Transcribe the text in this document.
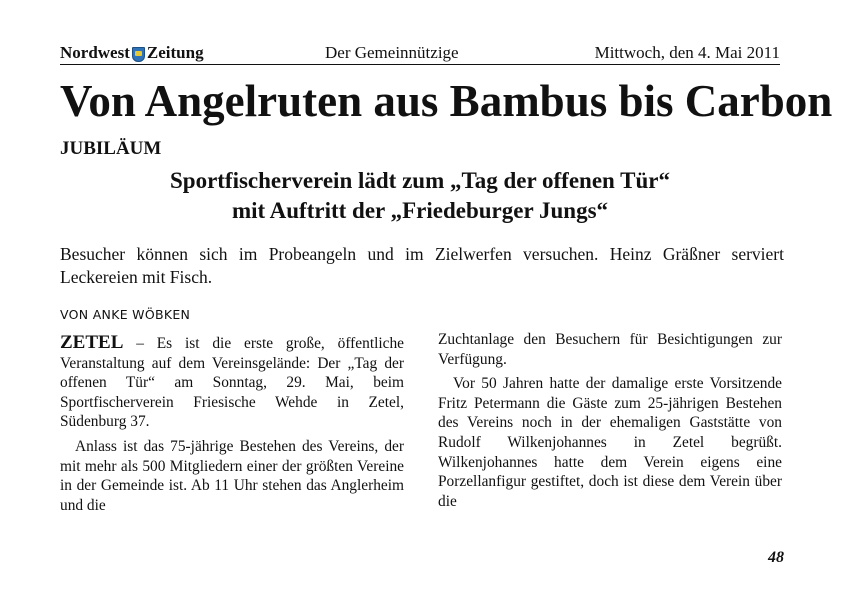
Nordwest Zeitung	Der Gemeinnützige	Mittwoch, den 4. Mai 2011
Von Angelruten aus Bambus bis Carbon
JUBILÄUM
Sportfischerverein lädt zum „Tag der offenen Tür“
mit Auftritt der „Friedeburger Jungs“
Besucher können sich im Probeangeln und im Zielwerfen versuchen. Heinz Gräßner serviert Leckereien mit Fisch.
VON ANKE WÖBKEN

ZETEL – Es ist die erste große, öffentliche Veranstaltung auf dem Vereinsgelände: Der „Tag der offenen Tür“ am Sonntag, 29. Mai, beim Sportfischerverein Friesische Wehde in Zetel, Südenburg 37.

Anlass ist das 75-jährige Bestehen des Vereins, der mit mehr als 500 Mitgliedern einer der größten Vereine in der Gemeinde ist. Ab 11 Uhr stehen das Anglerheim und die

Zuchtanlage den Besuchern für Besichtigungen zur Verfügung.

Vor 50 Jahren hatte der damalige erste Vorsitzende Fritz Petermann die Gäste zum 25-jährigen Bestehen des Vereins noch in der ehemaligen Gaststätte von Rudolf Wilkenjohannes in Zetel begrüßt. Wilkenjohannes hatte dem Verein eigens eine Porzellanfigur gestiftet, doch ist diese dem Verein über die

48
